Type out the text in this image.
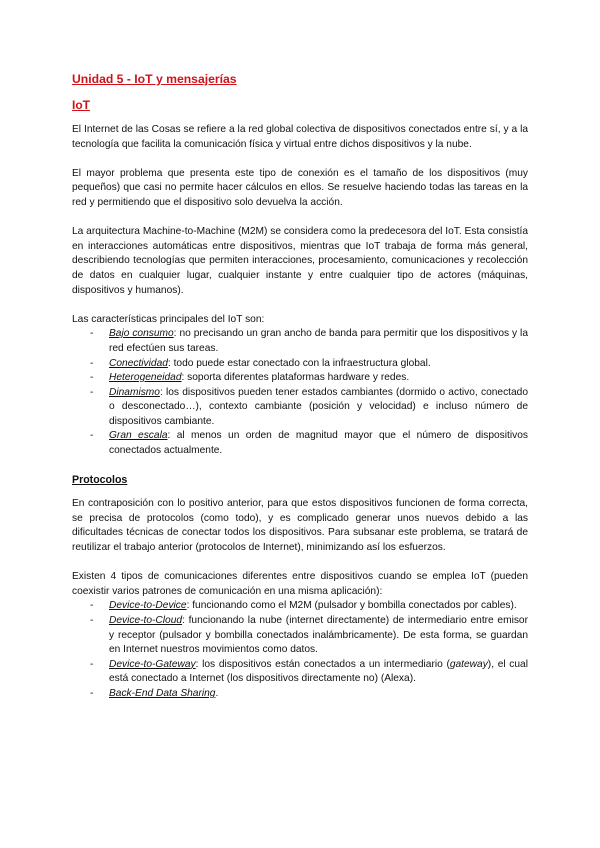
Unidad 5 - IoT y mensajerías
IoT

El Internet de las Cosas se refiere a la red global colectiva de dispositivos conectados entre sí, y a la tecnología que facilita la comunicación física y virtual entre dichos dispositivos y la nube.

El mayor problema que presenta este tipo de conexión es el tamaño de los dispositivos (muy pequeños) que casi no permite hacer cálculos en ellos. Se resuelve haciendo todas las tareas en la red y permitiendo que el dispositivo solo devuelva la acción.

La arquitectura Machine-to-Machine (M2M) se considera como la predecesora del IoT. Esta consistía en interacciones automáticas entre dispositivos, mientras que IoT trabaja de forma más general, describiendo tecnologías que permiten interacciones, procesamiento, comunicaciones y recolección de datos en cualquier lugar, cualquier instante y entre cualquier tipo de actores (máquinas, dispositivos y humanos).

Las características principales del IoT son:

- Bajo consumo: no precisando un gran ancho de banda para permitir que los dispositivos y la red efectúen sus tareas.
- Conectividad: todo puede estar conectado con la infraestructura global.
- Heterogeneidad: soporta diferentes plataformas hardware y redes.
- Dinamismo: los dispositivos pueden tener estados cambiantes (dormido o activo, conectado o desconectado…), contexto cambiante (posición y velocidad) e incluso número de dispositivos cambiante.
- Gran escala: al menos un orden de magnitud mayor que el número de dispositivos conectados actualmente.
Protocolos

En contraposición con lo positivo anterior, para que estos dispositivos funcionen de forma correcta, se precisa de protocolos (como todo), y es complicado generar unos nuevos debido a las dificultades técnicas de conectar todos los dispositivos. Para subsanar este problema, se tratará de reutilizar el trabajo anterior (protocolos de Internet), minimizando así los esfuerzos.

Existen 4 tipos de comunicaciones diferentes entre dispositivos cuando se emplea IoT (pueden coexistir varios patrones de comunicación en una misma aplicación):

- Device-to-Device: funcionando como el M2M (pulsador y bombilla conectados por cables).
- Device-to-Cloud: funcionando la nube (internet directamente) de intermediario entre emisor y receptor (pulsador y bombilla conectados inalámbricamente). De esta forma, se guardan en Internet nuestros movimientos como datos.
- Device-to-Gateway: los dispositivos están conectados a un intermediario (gateway), el cual está conectado a Internet (los dispositivos directamente no) (Alexa).
- Back-End Data Sharing.
